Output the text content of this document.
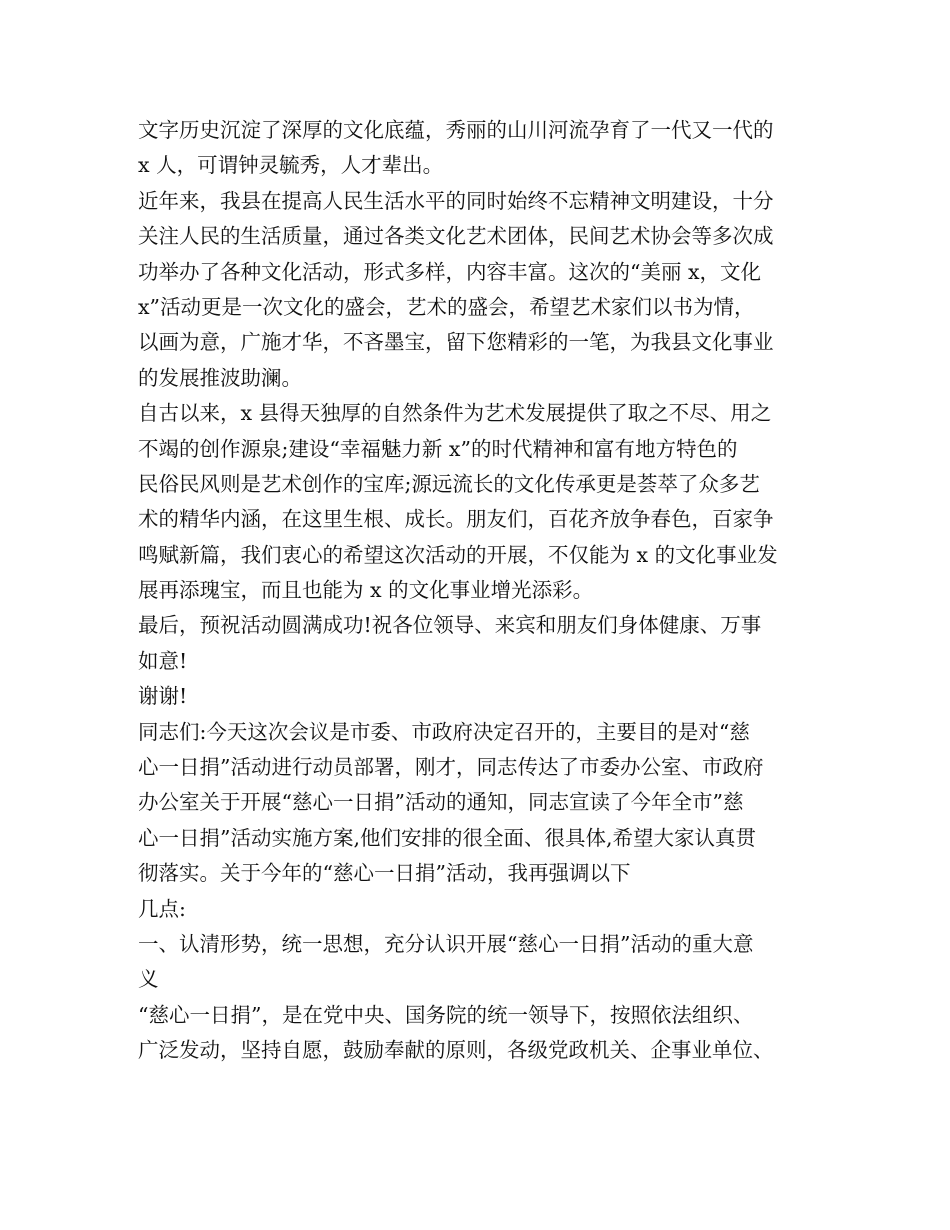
文字历史沉淀了深厚的文化底蕴，秀丽的山川河流孕育了一代又一代的
x 人，可谓钟灵毓秀，人才辈出。
近年来，我县在提高人民生活水平的同时始终不忘精神文明建设，十分
关注人民的生活质量，通过各类文化艺术团体，民间艺术协会等多次成
功举办了各种文化活动，形式多样，内容丰富。这次的“美丽 x，文化
x”活动更是一次文化的盛会，艺术的盛会，希望艺术家们以书为情，
以画为意，广施才华，不吝墨宝，留下您精彩的一笔，为我县文化事业
的发展推波助澜。
自古以来，x 县得天独厚的自然条件为艺术发展提供了取之不尽、用之
不竭的创作源泉;建设“幸福魅力新 x”的时代精神和富有地方特色的
民俗民风则是艺术创作的宝库;源远流长的文化传承更是荟萃了众多艺
术的精华内涵，在这里生根、成长。朋友们，百花齐放争春色，百家争
鸣赋新篇，我们衷心的希望这次活动的开展，不仅能为 x 的文化事业发
展再添瑰宝，而且也能为 x 的文化事业增光添彩。
最后，预祝活动圆满成功!祝各位领导、来宾和朋友们身体健康、万事
如意!
谢谢!
同志们:今天这次会议是市委、市政府决定召开的，主要目的是对“慈
心一日捐”活动进行动员部署，刚才，同志传达了市委办公室、市政府
办公室关于开展“慈心一日捐”活动的通知，同志宣读了今年全市”慈
心一日捐”活动实施方案,他们安排的很全面、很具体,希望大家认真贯
彻落实。关于今年的“慈心一日捐”活动，我再强调以下
几点:
一、认清形势，统一思想，充分认识开展“慈心一日捐”活动的重大意
义
“慈心一日捐”，是在党中央、国务院的统一领导下，按照依法组织、
广泛发动，坚持自愿，鼓励奉献的原则，各级党政机关、企事业单位、
